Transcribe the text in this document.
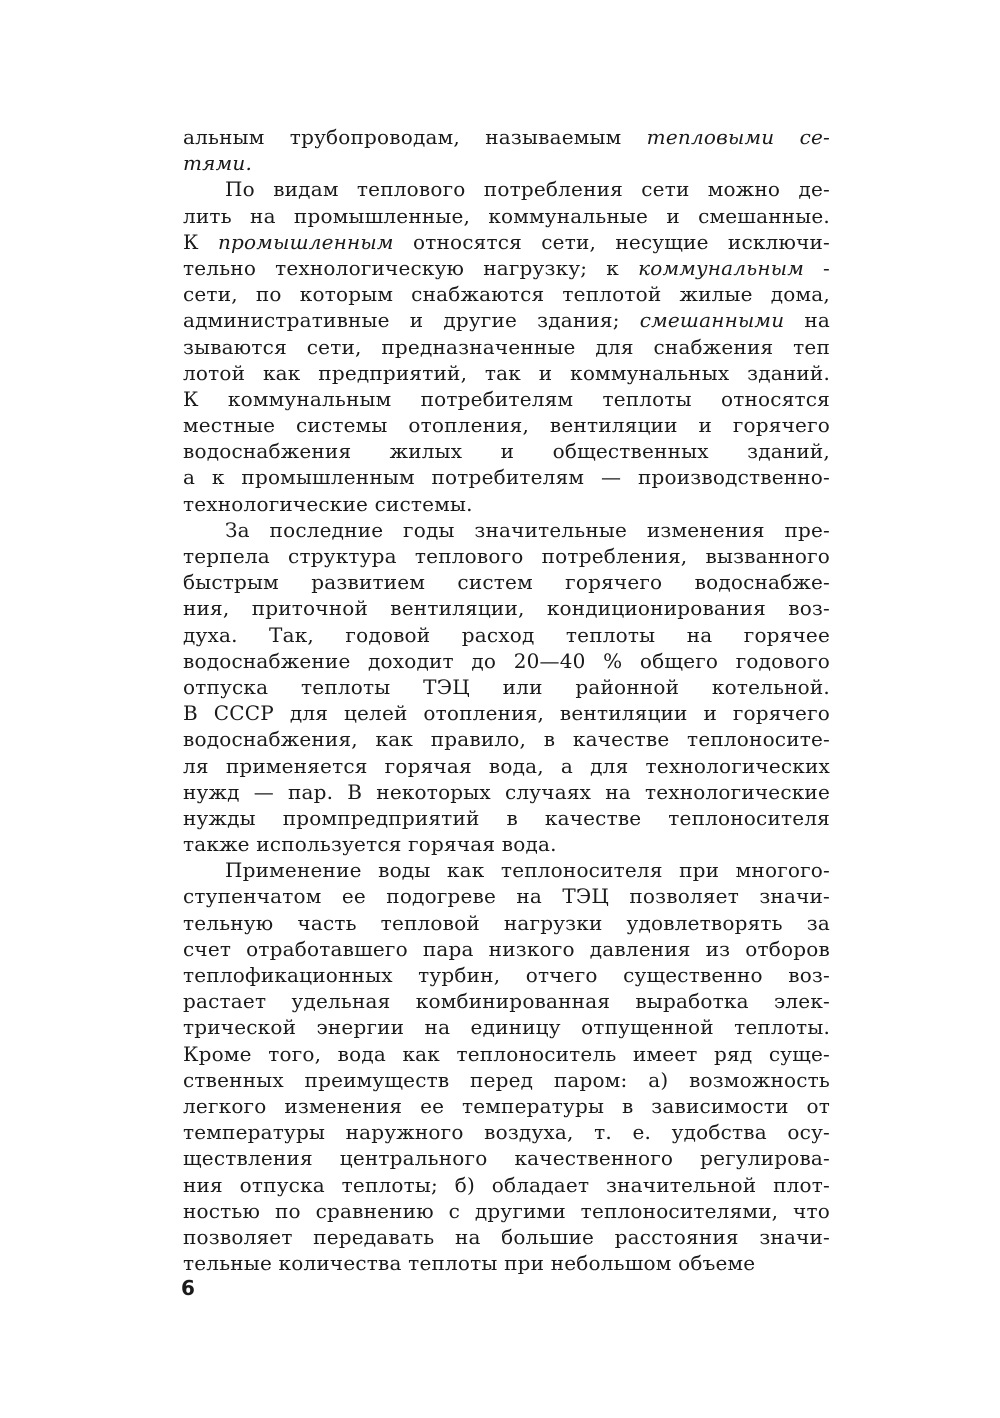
альным трубопроводам, называемым тепловыми се-
тями.
По видам теплового потребления сети можно де-
лить на промышленные, коммунальные и смешанные.
К промышленным относятся сети, несущие исключи-
тельно технологическую нагрузку; к коммунальным -
сети, по которым снабжаются теплотой жилые дома,
административные и другие здания; смешанными на
зываются сети, предназначенные для снабжения теп
лотой как предприятий, так и коммунальных зданий.
К коммунальным потребителям теплоты относятся
местные системы отопления, вентиляции и горячего
водоснабжения жилых и общественных зданий,
а к промышленным потребителям — производственно-
технологические системы.
За последние годы значительные изменения пре-
терпела структура теплового потребления, вызванного
быстрым развитием систем горячего водоснабже-
ния, приточной вентиляции, кондиционирования воз-
духа. Так, годовой расход теплоты на горячее
водоснабжение доходит до 20—40 % общего годового
отпуска теплоты ТЭЦ или районной котельной.
В СССР для целей отопления, вентиляции и горячего
водоснабжения, как правило, в качестве теплоносите-
ля применяется горячая вода, а для технологических
нужд — пар. В некоторых случаях на технологические
нужды промпредприятий в качестве теплоносителя
также используется горячая вода.
Применение воды как теплоносителя при многого-
ступенчатом ее подогреве на ТЭЦ позволяет значи-
тельную часть тепловой нагрузки удовлетворять за
счет отработавшего пара низкого давления из отборов
теплофикационных турбин, отчего существенно воз-
растает удельная комбинированная выработка элек-
трической энергии на единицу отпущенной теплоты.
Кроме того, вода как теплоноситель имеет ряд суще-
ственных преимуществ перед паром: а) возможность
легкого изменения ее температуры в зависимости от
температуры наружного воздуха, т. е. удобства осу-
ществления центрального качественного регулирова-
ния отпуска теплоты; б) обладает значительной плот-
ностью по сравнению с другими теплоносителями, что
позволяет передавать на большие расстояния значи-
тельные количества теплоты при небольшом объеме
6
